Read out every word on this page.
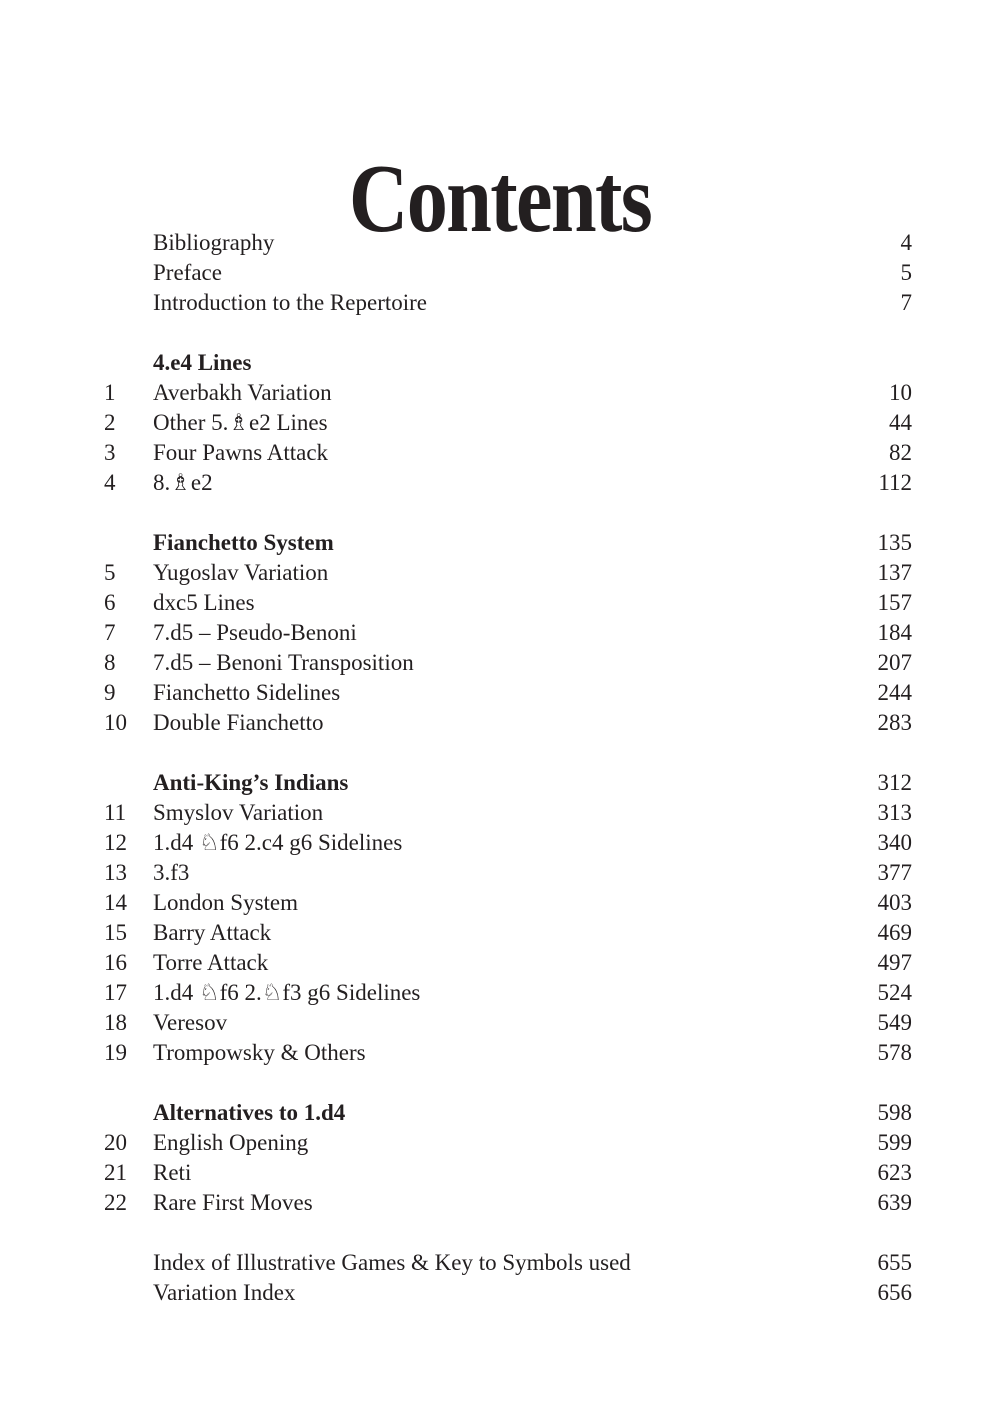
Contents
Bibliography	4
Preface	5
Introduction to the Repertoire	7
4.e4 Lines
1	Averbakh Variation	10
2	Other 5.♗e2 Lines	44
3	Four Pawns Attack	82
4	8.♗e2	112
Fianchetto System	135
5	Yugoslav Variation	137
6	dxc5 Lines	157
7	7.d5 – Pseudo-Benoni	184
8	7.d5 – Benoni Transposition	207
9	Fianchetto Sidelines	244
10	Double Fianchetto	283
Anti-King’s Indians	312
11	Smyslov Variation	313
12	1.d4 ♘f6 2.c4 g6 Sidelines	340
13	3.f3	377
14	London System	403
15	Barry Attack	469
16	Torre Attack	497
17	1.d4 ♘f6 2.♘f3 g6 Sidelines	524
18	Veresov	549
19	Trompowsky & Others	578
Alternatives to 1.d4	598
20	English Opening	599
21	Reti	623
22	Rare First Moves	639
Index of Illustrative Games & Key to Symbols used	655
Variation Index	656
